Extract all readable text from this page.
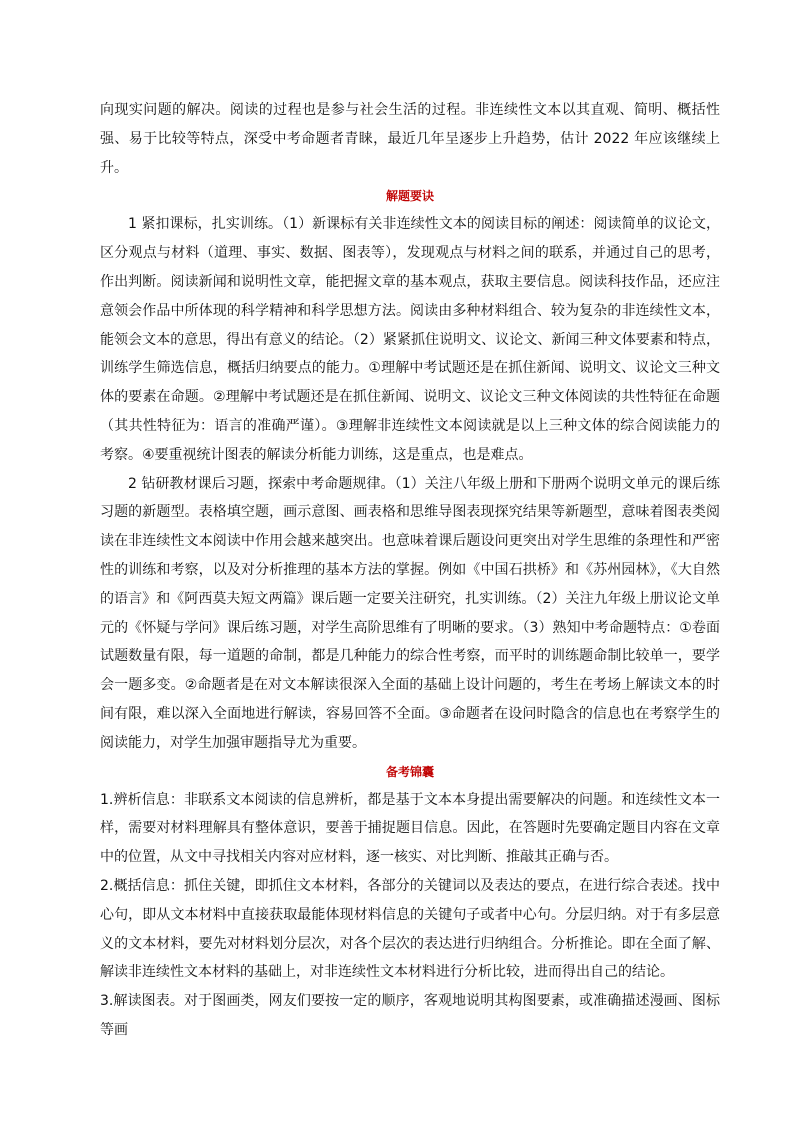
向现实问题的解决。阅读的过程也是参与社会生活的过程。非连续性文本以其直观、简明、概括性强、易于比较等特点，深受中考命题者青睐，最近几年呈逐步上升趋势，估计 2022 年应该继续上升。

解题要诀

1 紧扣课标，扎实训练。（1）新课标有关非连续性文本的阅读目标的阐述：阅读简单的议论文，区分观点与材料（道理、事实、数据、图表等），发现观点与材料之间的联系，并通过自己的思考，作出判断。阅读新闻和说明性文章，能把握文章的基本观点，获取主要信息。阅读科技作品，还应注意领会作品中所体现的科学精神和科学思想方法。阅读由多种材料组合、较为复杂的非连续性文本，能领会文本的意思，得出有意义的结论。（2）紧紧抓住说明文、议论文、新闻三种文体要素和特点，训练学生筛选信息，概括归纳要点的能力。①理解中考试题还是在抓住新闻、说明文、议论文三种文体的要素在命题。②理解中考试题还是在抓住新闻、说明文、议论文三种文体阅读的共性特征在命题（其共性特征为：语言的准确严谨）。③理解非连续性文本阅读就是以上三种文体的综合阅读能力的考察。④要重视统计图表的解读分析能力训练，这是重点，也是难点。

2 钻研教材课后习题，探索中考命题规律。（1）关注八年级上册和下册两个说明文单元的课后练习题的新题型。表格填空题，画示意图、画表格和思维导图表现探究结果等新题型，意味着图表类阅读在非连续性文本阅读中作用会越来越突出。也意味着课后题设问更突出对学生思维的条理性和严密性的训练和考察，以及对分析推理的基本方法的掌握。例如《中国石拱桥》和《苏州园林》，《大自然的语言》和《阿西莫夫短文两篇》课后题一定要关注研究，扎实训练。（2）关注九年级上册议论文单元的《怀疑与学问》课后练习题，对学生高阶思维有了明晰的要求。（3）熟知中考命题特点：①卷面试题数量有限，每一道题的命制，都是几种能力的综合性考察，而平时的训练题命制比较单一，要学会一题多变。②命题者是在对文本解读很深入全面的基础上设计问题的，考生在考场上解读文本的时间有限，难以深入全面地进行解读，容易回答不全面。③命题者在设问时隐含的信息也在考察学生的阅读能力，对学生加强审题指导尤为重要。

备考锦囊

1.辨析信息：非联系文本阅读的信息辨析，都是基于文本本身提出需要解决的问题。和连续性文本一样，需要对材料理解具有整体意识，要善于捕捉题目信息。因此，在答题时先要确定题目内容在文章中的位置，从文中寻找相关内容对应材料，逐一核实、对比判断、推敲其正确与否。

2.概括信息：抓住关键，即抓住文本材料，各部分的关键词以及表达的要点，在进行综合表述。找中心句，即从文本材料中直接获取最能体现材料信息的关键句子或者中心句。分层归纳。对于有多层意义的文本材料，要先对材料划分层次，对各个层次的表达进行归纳组合。分析推论。即在全面了解、解读非连续性文本材料的基础上，对非连续性文本材料进行分析比较，进而得出自己的结论。

3.解读图表。对于图画类，网友们要按一定的顺序，客观地说明其构图要素，或准确描述漫画、图标等画
